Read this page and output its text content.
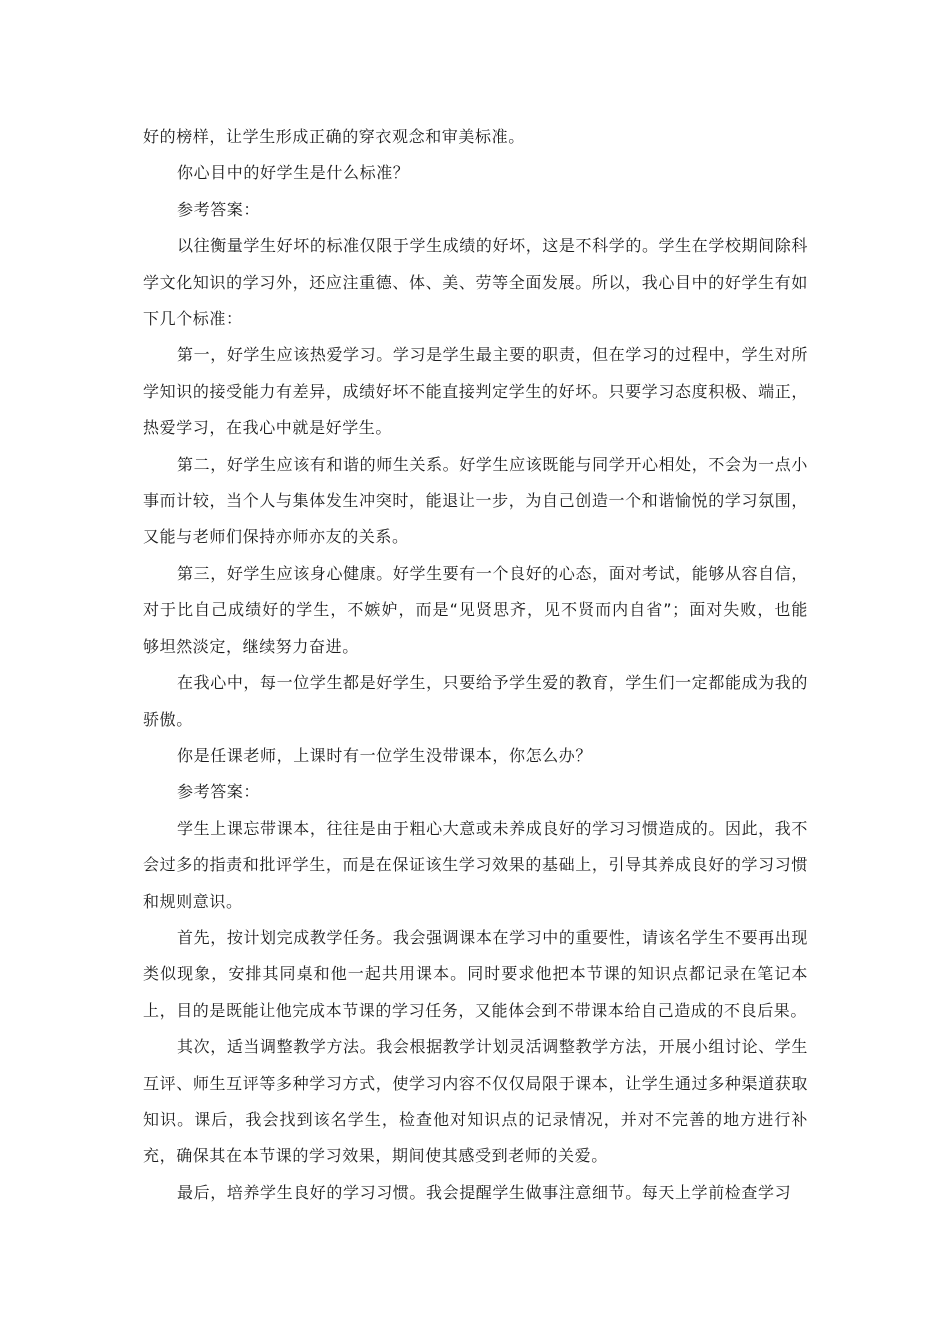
好的榜样，让学生形成正确的穿衣观念和审美标准。

你心目中的好学生是什么标准？

参考答案：

以往衡量学生好坏的标准仅限于学生成绩的好坏，这是不科学的。学生在学校期间除科学文化知识的学习外，还应注重德、体、美、劳等全面发展。所以，我心目中的好学生有如下几个标准：

第一，好学生应该热爱学习。学习是学生最主要的职责，但在学习的过程中，学生对所学知识的接受能力有差异，成绩好坏不能直接判定学生的好坏。只要学习态度积极、端正，热爱学习，在我心中就是好学生。

第二，好学生应该有和谐的师生关系。好学生应该既能与同学开心相处，不会为一点小事而计较，当个人与集体发生冲突时，能退让一步，为自己创造一个和谐愉悦的学习氛围，又能与老师们保持亦师亦友的关系。

第三，好学生应该身心健康。好学生要有一个良好的心态，面对考试，能够从容自信，对于比自己成绩好的学生，不嫉妒，而是“见贤思齐，见不贤而内自省”；面对失败，也能够坦然淡定，继续努力奋进。

在我心中，每一位学生都是好学生，只要给予学生爱的教育，学生们一定都能成为我的骄傲。

你是任课老师，上课时有一位学生没带课本，你怎么办？

参考答案：

学生上课忘带课本，往往是由于粗心大意或未养成良好的学习习惯造成的。因此，我不会过多的指责和批评学生，而是在保证该生学习效果的基础上，引导其养成良好的学习习惯和规则意识。

首先，按计划完成教学任务。我会强调课本在学习中的重要性，请该名学生不要再出现类似现象，安排其同桌和他一起共用课本。同时要求他把本节课的知识点都记录在笔记本上，目的是既能让他完成本节课的学习任务，又能体会到不带课本给自己造成的不良后果。

其次，适当调整教学方法。我会根据教学计划灵活调整教学方法，开展小组讨论、学生互评、师生互评等多种学习方式，使学习内容不仅仅局限于课本，让学生通过多种渠道获取知识。课后，我会找到该名学生，检查他对知识点的记录情况，并对不完善的地方进行补充，确保其在本节课的学习效果，期间使其感受到老师的关爱。

最后，培养学生良好的学习习惯。我会提醒学生做事注意细节。每天上学前检查学习
